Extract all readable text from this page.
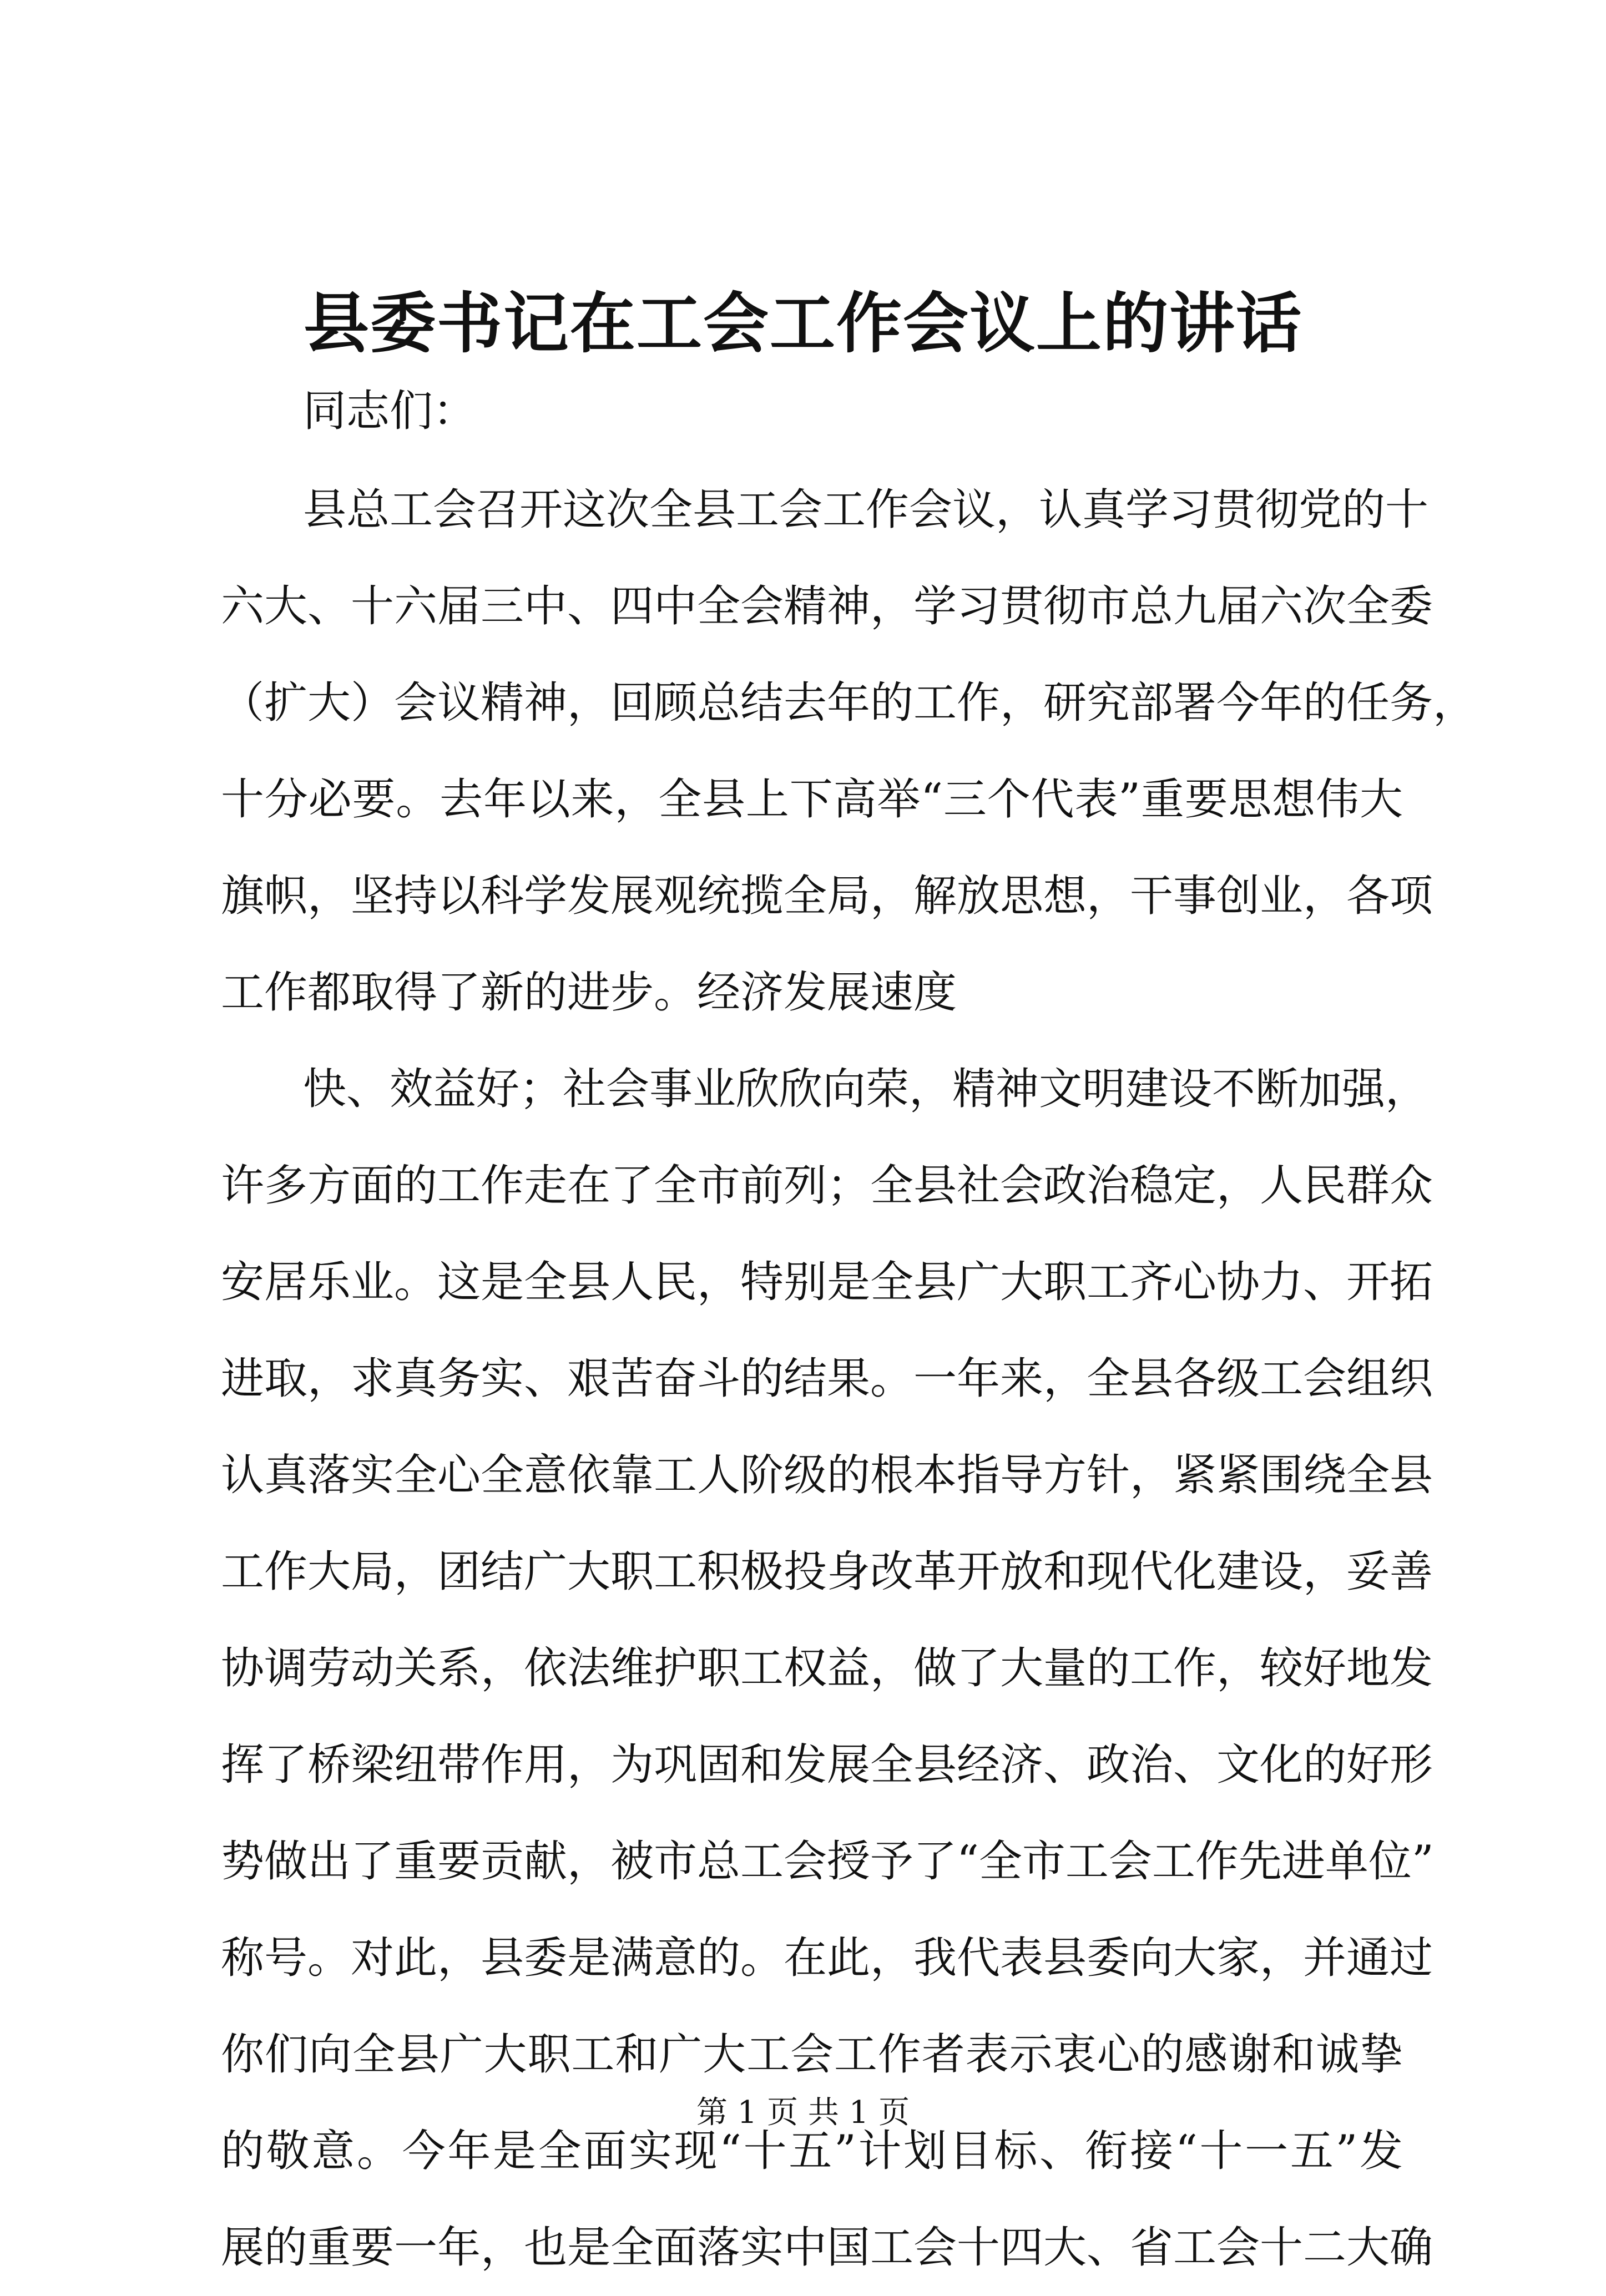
县委书记在工会工作会议上的讲话
同志们：
县总工会召开这次全县工会工作会议，认真学习贯彻党的十
六大、十六届三中、四中全会精神，学习贯彻市总九届六次全委
（扩大）会议精神，回顾总结去年的工作，研究部署今年的任务，
十分必要。去年以来，全县上下高举“三个代表”重要思想伟大
旗帜，坚持以科学发展观统揽全局，解放思想，干事创业，各项
工作都取得了新的进步。经济发展速度
快、效益好；社会事业欣欣向荣，精神文明建设不断加强，
许多方面的工作走在了全市前列；全县社会政治稳定，人民群众
安居乐业。这是全县人民，特别是全县广大职工齐心协力、开拓
进取，求真务实、艰苦奋斗的结果。一年来，全县各级工会组织
认真落实全心全意依靠工人阶级的根本指导方针，紧紧围绕全县
工作大局，团结广大职工积极投身改革开放和现代化建设，妥善
协调劳动关系，依法维护职工权益，做了大量的工作，较好地发
挥了桥梁纽带作用，为巩固和发展全县经济、政治、文化的好形
势做出了重要贡献，被市总工会授予了“全市工会工作先进单位”
称号。对此，县委是满意的。在此，我代表县委向大家，并通过
你们向全县广大职工和广大工会工作者表示衷心的感谢和诚挚
的敬意。今年是全面实现“十五”计划目标、衔接“十一五”发
展的重要一年，也是全面落实中国工会十四大、省工会十二大确
第 1 页 共 1 页
